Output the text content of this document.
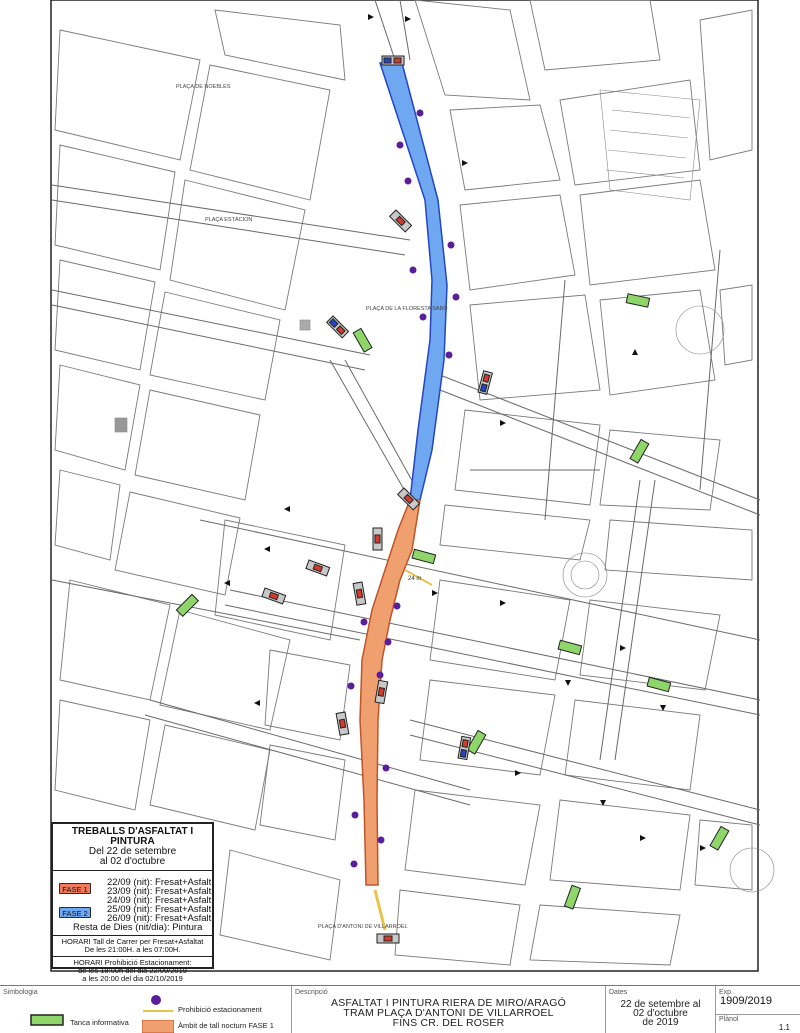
24 m
PLAÇA DE NOEBLES
PLAÇA ESTÀCION
PLAÇA DE LA FLORESTA SABO
PLAÇA D'ANTONI DE VILLARROEL
TREBALLS D'ASFALTAT I PINTURA
Del 22 de setembre
al 02 d'octubre
FASE 1
FASE 2
22/09 (nit): Fresat+Asfalt
23/09 (nit): Fresat+Asfalt
24/09 (nit): Fresat+Asfalt
25/09 (nit): Fresat+Asfalt
26/09 (nit): Fresat+Asfalt
Resta de Dies (nit/dia): Pintura
HORARI Tall de Carrer per Fresat+Asfaltat
De les 21:00H. a les 07:00H.
HORARI Prohibició Estacionament:
de les 18:00h del dia 22/09/2019
a les 20:00 del dia 02/10/2019
Simbologia
Tanca informativa
Prohibició estacionament
Àmbit de tall nocturn FASE 1
Descripció
ASFALTAT I PINTURA RIERA DE MIRO/ARAGÓ
TRAM PLAÇA D'ANTONI DE VILLARROEL
FINS CR. DEL ROSER
Dates
22 de setembre al
02 d'octubre
de 2019
Exp.
1909/2019
Plànol
1.1
